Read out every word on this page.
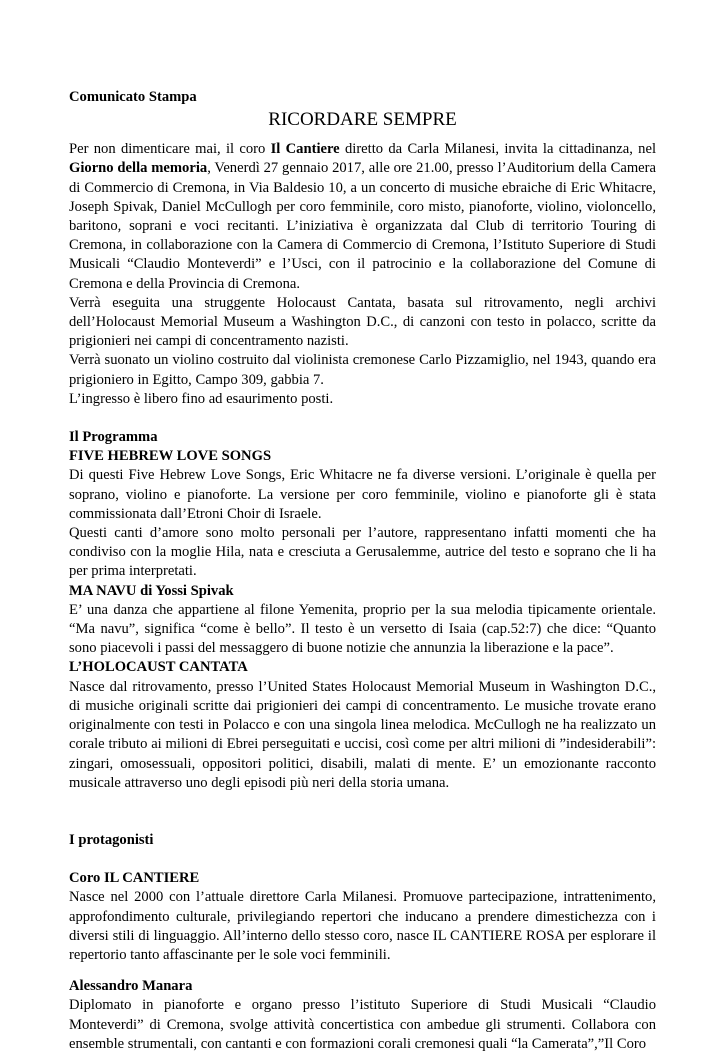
Comunicato Stampa

RICORDARE SEMPRE

Per non dimenticare mai, il coro Il Cantiere diretto da Carla Milanesi, invita la cittadinanza, nel Giorno della memoria, Venerdì 27 gennaio 2017, alle ore 21.00, presso l’Auditorium della Camera di Commercio di Cremona, in Via Baldesio 10, a un concerto di musiche ebraiche di Eric Whitacre, Joseph Spivak, Daniel McCullogh per coro femminile, coro misto, pianoforte, violino, violoncello, baritono, soprani e voci recitanti. L’iniziativa è organizzata dal Club di territorio Touring di Cremona, in collaborazione con la Camera di Commercio di Cremona, l’Istituto Superiore di Studi Musicali “Claudio Monteverdi” e l’Usci, con il patrocinio e la collaborazione del Comune di Cremona e della Provincia di Cremona.

Verrà eseguita una struggente Holocaust Cantata, basata sul ritrovamento, negli archivi dell’Holocaust Memorial Museum a Washington D.C., di canzoni con testo in polacco, scritte da prigionieri nei campi di concentramento nazisti.

Verrà suonato un violino costruito dal violinista cremonese Carlo Pizzamiglio, nel 1943, quando era prigioniero in Egitto, Campo 309, gabbia 7.

L’ingresso è libero fino ad esaurimento posti.

Il Programma

FIVE HEBREW LOVE SONGS

Di questi Five Hebrew Love Songs, Eric Whitacre ne fa diverse versioni. L’originale è quella per soprano, violino e pianoforte. La versione per coro femminile, violino e pianoforte gli è stata commissionata dall’Etroni Choir di Israele.

Questi canti d’amore sono molto personali per l’autore, rappresentano infatti momenti che ha condiviso con la moglie Hila, nata e cresciuta a Gerusalemme, autrice del testo e soprano che li ha per prima interpretati.

MA NAVU di Yossi Spivak

E’ una danza che appartiene al filone Yemenita, proprio per la sua melodia tipicamente orientale. “Ma navu”, significa “come è bello”. Il testo è un versetto di Isaia (cap.52:7) che dice: “Quanto sono piacevoli i passi del messaggero di buone notizie che annunzia la liberazione e la pace”.

L’HOLOCAUST CANTATA

Nasce dal ritrovamento, presso l’United States Holocaust Memorial Museum in Washington D.C., di musiche originali scritte dai prigionieri dei campi di concentramento. Le musiche trovate erano originalmente con testi in Polacco e con una singola linea melodica. McCullogh ne ha realizzato un corale tributo ai milioni di Ebrei perseguitati e uccisi, così come per altri milioni di ”indesiderabili”: zingari, omosessuali, oppositori politici, disabili, malati di mente. E’ un emozionante racconto musicale attraverso uno degli episodi più neri della storia umana.

I protagonisti

Coro IL CANTIERE

Nasce nel 2000 con l’attuale direttore Carla Milanesi. Promuove partecipazione, intrattenimento, approfondimento culturale, privilegiando repertori che inducano a prendere dimestichezza con i diversi stili di linguaggio. All’interno dello stesso coro, nasce IL CANTIERE ROSA per esplorare il repertorio tanto affascinante per le sole voci femminili.

Alessandro Manara

Diplomato in pianoforte e organo presso l’istituto Superiore di Studi Musicali “Claudio Monteverdi” di Cremona, svolge attività concertistica con ambedue gli strumenti. Collabora con ensemble strumentali, con cantanti e con formazioni corali cremonesi quali “la Camerata”,”Il Coro
